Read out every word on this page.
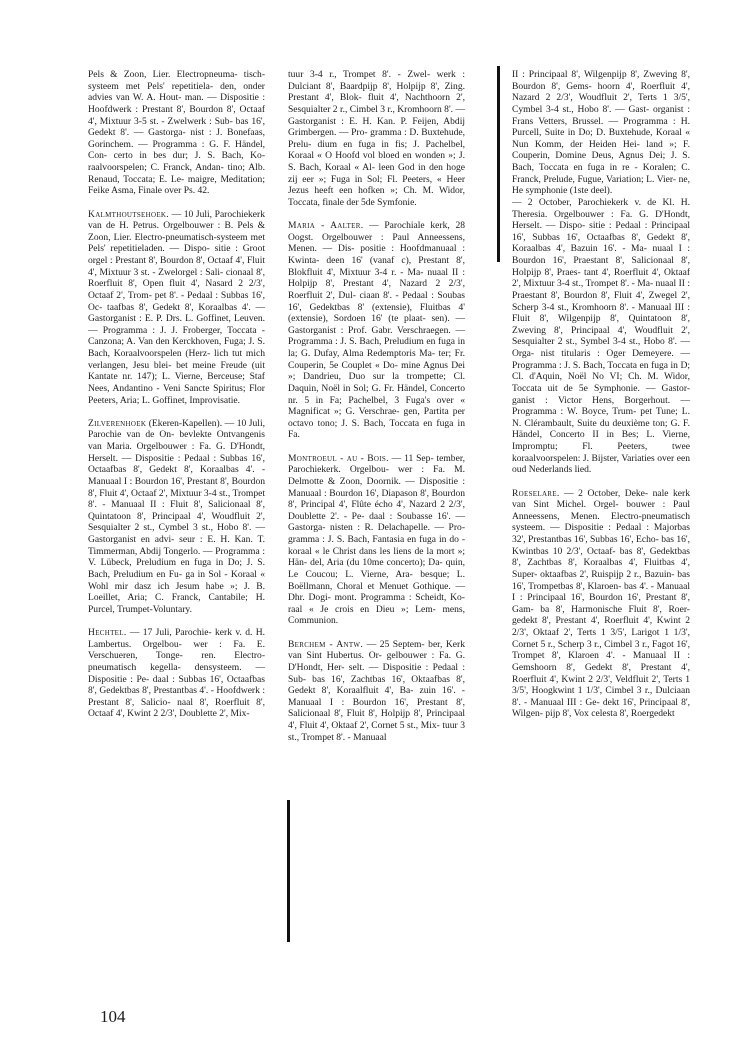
Pels & Zoon, Lier. Electropneuma- tisch-systeem met Pels' repetitiela- den, onder advies van W. A. Hout- man. — Dispositie : Hoofdwerk : Prestant 8', Bourdon 8', Octaaf 4', Mixtuur 3-5 st. - Zwelwerk : Sub- bas 16', Gedekt 8'. — Gastorga- nist : J. Bonefaas, Gorinchem. — Programma : G. F. Händel, Con- certo in bes dur; J. S. Bach, Ko- raalvoorspelen; C. Franck, Andan- tino; Alb. Renaud, Toccata; E. Le- maigre, Meditation; Feike Asma, Finale over Ps. 42.

Kalmthoutsehoek. — 10 Juli, Parochiekerk van de H. Petrus. Orgelbouwer : B. Pels & Zoon, Lier. Electro-pneumatisch-systeem met Pels' repetitieladen. — Dispo- sitie : Groot orgel : Prestant 8', Bourdon 8', Octaaf 4', Fluit 4', Mixtuur 3 st. - Zwelorgel : Sali- cionaal 8', Roerfluit 8', Open fluit 4', Nasard 2 2/3', Octaaf 2', Trom- pet 8'. - Pedaal : Subbas 16', Oc- taafbas 8', Gedekt 8', Koraalbas 4'. — Gastorganist : E. P. Drs. L. Goffinet, Leuven. — Programma : J. J. Froberger, Toccata - Canzona; A. Van den Kerckhoven, Fuga; J. S. Bach, Koraalvoorspelen (Herz- lich tut mich verlangen, Jesu blei- bet meine Freude (uit Kantate nr. 147); L. Vierne, Berceuse; Staf Nees, Andantino - Veni Sancte Spiritus; Flor Peeters, Aria; L. Goffinet, Improvisatie.

Zilverenhoek (Ekeren-Kapellen). — 10 Juli, Parochie van de On- bevlekte Ontvangenis van Maria. Orgelbouwer : Fa. G. D'Hondt, Herselt. — Dispositie : Pedaal : Subbas 16', Octaafbas 8', Gedekt 8', Koraalbas 4'. - Manuaal I : Bourdon 16', Prestant 8', Bourdon 8', Fluit 4', Octaaf 2', Mixtuur 3-4 st., Trompet 8'. - Manuaal II : Fluit 8', Salicionaal 8', Quintatoon 8', Principaal 4', Woudfluit 2', Sesquialter 2 st., Cymbel 3 st., Hobo 8'. — Gastorganist en advi- seur : E. H. Kan. T. Timmerman, Abdij Tongerlo. — Programma : V. Lübeck, Preludium en fuga in Do; J. S. Bach, Preludium en Fu- ga in Sol - Koraal « Wohl mir dasz ich Jesum habe »; J. B. Loeillet, Aria; C. Franck, Cantabile; H. Purcel, Trumpet-Voluntary.

Hechtel. — 17 Juli, Parochie- kerk v. d. H. Lambertus. Orgelbou- wer : Fa. E. Verschueren, Tonge- ren. Electro-pneumatisch kegella- densysteem. — Dispositie : Pe- daal : Subbas 16', Octaafbas 8', Gedektbas 8', Prestantbas 4'. - Hoofdwerk : Prestant 8', Salicio- naal 8', Roerfluit 8', Octaaf 4', Kwint 2 2/3', Doublette 2', Mix-

tuur 3-4 r., Trompet 8'. - Zwel- werk : Dulciant 8', Baardpijp 8', Holpijp 8', Zing. Prestant 4', Blok- fluit 4', Nachthoorn 2', Sesquialter 2 r., Cimbel 3 r., Kromhoorn 8'. — Gastorganist : E. H. Kan. P. Feijen, Abdij Grimbergen. — Pro- gramma : D. Buxtehude, Prelu- dium en fuga in fis; J. Pachelbel, Koraal « O Hoofd vol bloed en wonden »; J. S. Bach, Koraal « Al- leen God in den hoge zij eer »; Fuga in Sol; Fl. Peeters, « Heer Jezus heeft een hofken »; Ch. M. Widor, Toccata, finale der 5de Symfonie.

Maria - Aalter. — Parochiale kerk, 28 Oogst. Orgelbouwer : Paul Anneessens, Menen. — Dis- positie : Hoofdmanuaal : Kwinta- deen 16' (vanaf c), Prestant 8', Blokfluit 4', Mixtuur 3-4 r. - Ma- nuaal II : Holpijp 8', Prestant 4', Nazard 2 2/3', Roerfluit 2', Dul- ciaan 8'. - Pedaal : Soubas 16', Gedektbas 8' (extensie), Fluitbas 4' (extensie), Sordoen 16' (te plaat- sen). — Gastorganist : Prof. Gabr. Verschraegen. — Programma : J. S. Bach, Preludium en fuga in la; G. Dufay, Alma Redemptoris Ma- ter; Fr. Couperin, 5e Couplet « Do- mine Agnus Dei »; Dandrieu, Duo sur la trompette; Cl. Daquin, Noël in Sol; G. Fr. Händel, Concerto nr. 5 in Fa; Pachelbel, 3 Fuga's over « Magnificat »; G. Verschrae- gen, Partita per octavo tono; J. S. Bach, Toccata en fuga in Fa.

Montroeul - au - Bois. — 11 Sep- tember, Parochiekerk. Orgelbou- wer : Fa. M. Delmotte & Zoon, Doornik. — Dispositie : Manuaal : Bourdon 16', Diapason 8', Bourdon 8', Principal 4', Flûte écho 4', Nazard 2 2/3', Doublette 2'. - Pe- daal : Soubasse 16'. — Gastorga- nisten : R. Delachapelle. — Pro- gramma : J. S. Bach, Fantasia en fuga in do - koraal « le Christ dans les liens de la mort »; Hän- del, Aria (du 10me concerto); Da- quin, Le Coucou; L. Vierne, Ara- besque; L. Boëllmann, Choral et Menuet Gothique. — Dhr. Dogi- mont. Programma : Scheidt, Ko- raal « Je crois en Dieu »; Lem- mens, Communion.

Berchem - Antw. — 25 Septem- ber, Kerk van Sint Hubertus. Or- gelbouwer : Fa. G. D'Hondt, Her- selt. — Dispositie : Pedaal : Sub- bas 16', Zachtbas 16', Oktaafbas 8', Gedekt 8', Koraalfluit 4', Ba- zuin 16'. - Manuaal I : Bourdon 16', Prestant 8', Salicionaal 8', Fluit 8', Holpijp 8', Principaal 4', Fluit 4', Oktaaf 2', Cornet 5 st., Mix- tuur 3 st., Trompet 8'. - Manuaal

II : Principaal 8', Wilgenpijp 8', Zweving 8', Bourdon 8', Gems- hoorn 4', Roerfluit 4', Nazard 2 2/3', Woudfluit 2', Terts 1 3/5', Cymbel 3-4 st., Hobo 8'. — Gast- organist : Frans Vetters, Brussel. — Programma : H. Purcell, Suite in Do; D. Buxtehude, Koraal « Nun Komm, der Heiden Hei- land »; F. Couperin, Domine Deus, Agnus Dei; J. S. Bach, Toccata en fuga in re - Koralen; C. Franck, Prelude, Fugue, Variation; L. Vier- ne, He symphonie (1ste deel).

— 2 October, Parochiekerk v. de Kl. H. Theresia. Orgelbouwer : Fa. G. D'Hondt, Herselt. — Dispo- sitie : Pedaal : Principaal 16', Subbas 16', Octaafbas 8', Gedekt 8', Koraalbas 4', Bazuin 16'. - Ma- nuaal I : Bourdon 16', Praestant 8', Salicionaal 8', Holpijp 8', Praes- tant 4', Roerfluit 4', Oktaaf 2', Mixtuur 3-4 st., Trompet 8'. - Ma- nuaal II : Praestant 8', Bourdon 8', Fluit 4', Zwegel 2', Scherp 3-4 st., Kromhoorn 8'. - Manuaal III : Fluit 8', Wilgenpijp 8', Quintatoon 8', Zweving 8', Principaal 4', Woudfluit 2', Sesquialter 2 st., Symbel 3-4 st., Hobo 8'. — Orga- nist titularis : Oger Demeyere. — Programma : J. S. Bach, Toccata en fuga in D; Cl. d'Aquin, Noël No VI; Ch. M. Widor, Toccata uit de 5e Symphonie. — Gastor- ganist : Victor Hens, Borgerhout. — Programma : W. Boyce, Trum- pet Tune; L. N. Clérambault, Suite du deuxième ton; G. F. Händel, Concerto II in Bes; L. Vierne, Impromptu; Fl. Peeters, twee koraalvoorspelen: J. Bijster, Variaties over een oud Nederlands lied.

Roeselare. — 2 October, Deke- nale kerk van Sint Michel. Orgel- bouwer : Paul Anneessens, Menen. Electro-pneumatisch systeem. — Dispositie : Pedaal : Majorbas 32', Prestantbas 16', Subbas 16', Echo- bas 16', Kwintbas 10 2/3', Octaaf- bas 8', Gedektbas 8', Zachtbas 8', Koraalbas 4', Fluitbas 4', Super- oktaafbas 2', Ruispijp 2 r., Bazuin- bas 16', Trompetbas 8', Klaroen- bas 4'. - Manuaal I : Principaal 16', Bourdon 16', Prestant 8', Gam- ba 8', Harmonische Fluit 8', Roer- gedekt 8', Prestant 4', Roerfluit 4', Kwint 2 2/3', Oktaaf 2', Terts 1 3/5', Larigot 1 1/3', Cornet 5 r., Scherp 3 r., Cimbel 3 r., Fagot 16', Trompet 8', Klaroen 4'. - Manuaal II : Gemshoorn 8', Gedekt 8', Prestant 4', Roerfluit 4', Kwint 2 2/3', Veldfluit 2', Terts 1 3/5', Hoogkwint 1 1/3', Cimbel 3 r., Dulciaan 8'. - Manuaal III : Ge- dekt 16', Principaal 8', Wilgen- pijp 8', Vox celesta 8', Roergedekt

104
